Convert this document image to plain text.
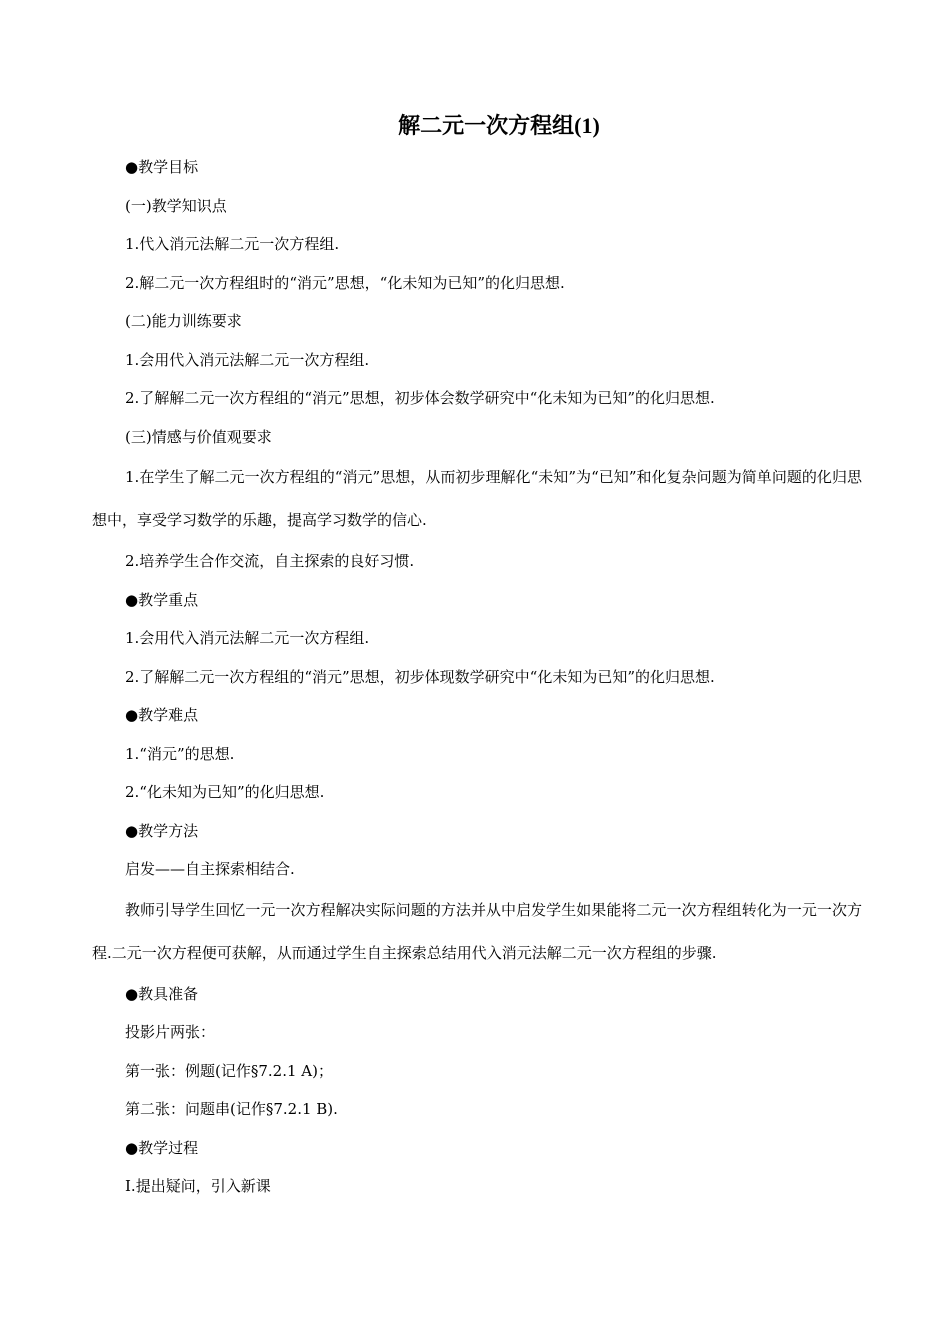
解二元一次方程组(1)

●教学目标

(一)教学知识点

1.代入消元法解二元一次方程组.

2.解二元一次方程组时的“消元”思想，“化未知为已知”的化归思想.

(二)能力训练要求

1.会用代入消元法解二元一次方程组.

2.了解解二元一次方程组的“消元”思想，初步体会数学研究中“化未知为已知”的化归思想.

(三)情感与价值观要求

1.在学生了解二元一次方程组的“消元”思想，从而初步理解化“未知”为“已知”和化复杂问题为简单问题的化归思想中，享受学习数学的乐趣，提高学习数学的信心.

2.培养学生合作交流，自主探索的良好习惯.

●教学重点

1.会用代入消元法解二元一次方程组.

2.了解解二元一次方程组的“消元”思想，初步体现数学研究中“化未知为已知”的化归思想.

●教学难点

1.“消元”的思想.

2.“化未知为已知”的化归思想.

●教学方法

启发——自主探索相结合.

教师引导学生回忆一元一次方程解决实际问题的方法并从中启发学生如果能将二元一次方程组转化为一元一次方程.二元一次方程便可获解，从而通过学生自主探索总结用代入消元法解二元一次方程组的步骤.

●教具准备

投影片两张：

第一张：例题(记作§7.2.1 A)；

第二张：问题串(记作§7.2.1 B).

●教学过程

Ⅰ.提出疑问，引入新课
